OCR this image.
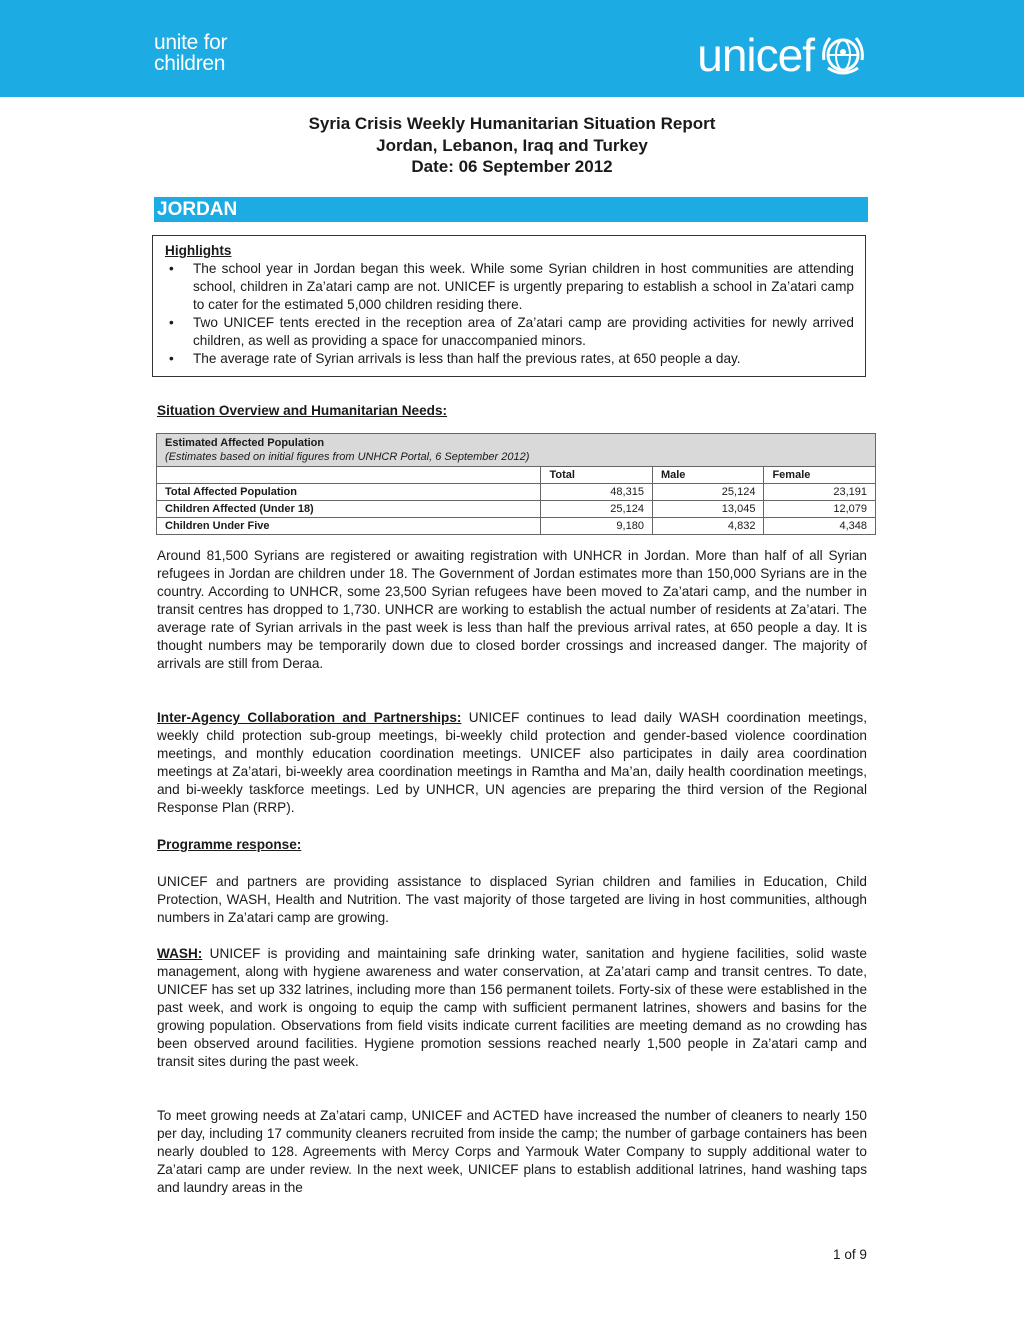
unite for
children	unicef
Syria Crisis Weekly Humanitarian Situation Report
Jordan, Lebanon, Iraq and Turkey
Date: 06 September 2012
JORDAN
Highlights
• The school year in Jordan began this week. While some Syrian children in host communities are attending school, children in Za’atari camp are not. UNICEF is urgently preparing to establish a school in Za’atari camp to cater for the estimated 5,000 children residing there.
• Two UNICEF tents erected in the reception area of Za’atari camp are providing activities for newly arrived children, as well as providing a space for unaccompanied minors.
• The average rate of Syrian arrivals is less than half the previous rates, at 650 people a day.
Situation Overview and Humanitarian Needs:
Estimated Affected Population
(Estimates based on initial figures from UNHCR Portal, 6 September 2012)			

	Total	Male	Female
Total Affected Population	48,315	25,124	23,191
Children Affected (Under 18)	25,124	13,045	12,079
Children Under Five	9,180	4,832	4,348

Around 81,500 Syrians are registered or awaiting registration with UNHCR in Jordan. More than half of all Syrian refugees in Jordan are children under 18. The Government of Jordan estimates more than 150,000 Syrians are in the country. According to UNHCR, some 23,500 Syrian refugees have been moved to Za’atari camp, and the number in transit centres has dropped to 1,730. UNHCR are working to establish the actual number of residents at Za’atari. The average rate of Syrian arrivals in the past week is less than half the previous arrival rates, at 650 people a day. It is thought numbers may be temporarily down due to closed border crossings and increased danger. The majority of arrivals are still from Deraa.

Inter-Agency Collaboration and Partnerships: UNICEF continues to lead daily WASH coordination meetings, weekly child protection sub-group meetings, bi-weekly child protection and gender-based violence coordination meetings, and monthly education coordination meetings. UNICEF also participates in daily area coordination meetings at Za’atari, bi-weekly area coordination meetings in Ramtha and Ma’an, daily health coordination meetings, and bi-weekly taskforce meetings. Led by UNHCR, UN agencies are preparing the third version of the Regional Response Plan (RRP).

Programme response:

UNICEF and partners are providing assistance to displaced Syrian children and families in Education, Child Protection, WASH, Health and Nutrition. The vast majority of those targeted are living in host communities, although numbers in Za’atari camp are growing.

WASH: UNICEF is providing and maintaining safe drinking water, sanitation and hygiene facilities, solid waste management, along with hygiene awareness and water conservation, at Za’atari camp and transit centres. To date, UNICEF has set up 332 latrines, including more than 156 permanent toilets. Forty-six of these were established in the past week, and work is ongoing to equip the camp with sufficient permanent latrines, showers and basins for the growing population. Observations from field visits indicate current facilities are meeting demand as no crowding has been observed around facilities. Hygiene promotion sessions reached nearly 1,500 people in Za’atari camp and transit sites during the past week.

To meet growing needs at Za’atari camp, UNICEF and ACTED have increased the number of cleaners to nearly 150 per day, including 17 community cleaners recruited from inside the camp; the number of garbage containers has been nearly doubled to 128. Agreements with Mercy Corps and Yarmouk Water Company to supply additional water to Za’atari camp are under review. In the next week, UNICEF plans to establish additional latrines, hand washing taps and laundry areas in the

1 of 9
